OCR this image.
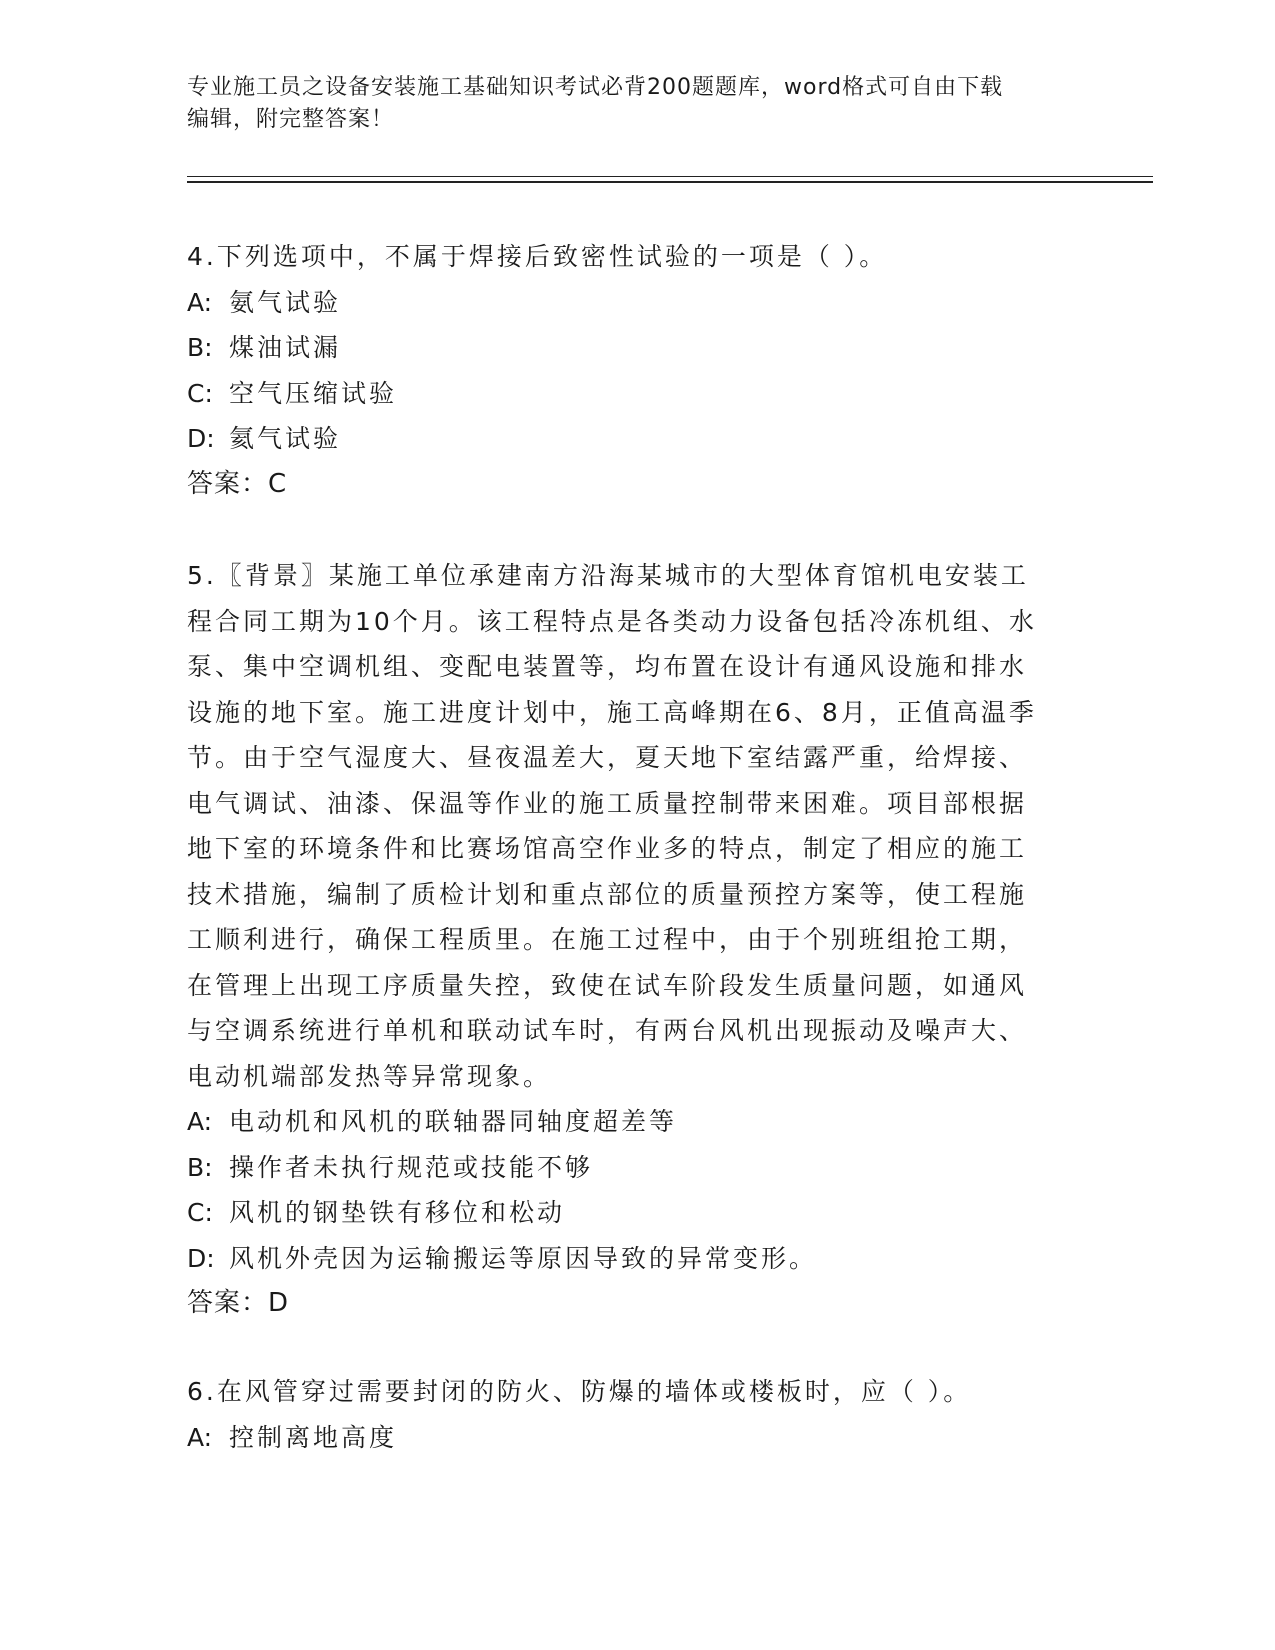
专业施工员之设备安装施工基础知识考试必背200题题库，word格式可自由下载
编辑，附完整答案！
4.下列选项中，不属于焊接后致密性试验的一项是（ ）。
A: 氨气试验
B: 煤油试漏
C: 空气压缩试验
D: 氦气试验
答案：C
5.〖背景〗某施工单位承建南方沿海某城市的大型体育馆机电安装工
程合同工期为10个月。该工程特点是各类动力设备包括冷冻机组、水
泵、集中空调机组、变配电装置等，均布置在设计有通风设施和排水
设施的地下室。施工进度计划中，施工高峰期在6、8月，正值高温季
节。由于空气湿度大、昼夜温差大，夏天地下室结露严重，给焊接、
电气调试、油漆、保温等作业的施工质量控制带来困难。项目部根据
地下室的环境条件和比赛场馆高空作业多的特点，制定了相应的施工
技术措施，编制了质检计划和重点部位的质量预控方案等，使工程施
工顺利进行，确保工程质里。在施工过程中，由于个别班组抢工期，
在管理上出现工序质量失控，致使在试车阶段发生质量问题，如通风
与空调系统进行单机和联动试车时，有两台风机出现振动及噪声大、
电动机端部发热等异常现象。
A: 电动机和风机的联轴器同轴度超差等
B: 操作者未执行规范或技能不够
C: 风机的钢垫铁有移位和松动
D: 风机外壳因为运输搬运等原因导致的异常变形。
答案：D
6.在风管穿过需要封闭的防火、防爆的墙体或楼板时，应（ ）。
A: 控制离地高度
